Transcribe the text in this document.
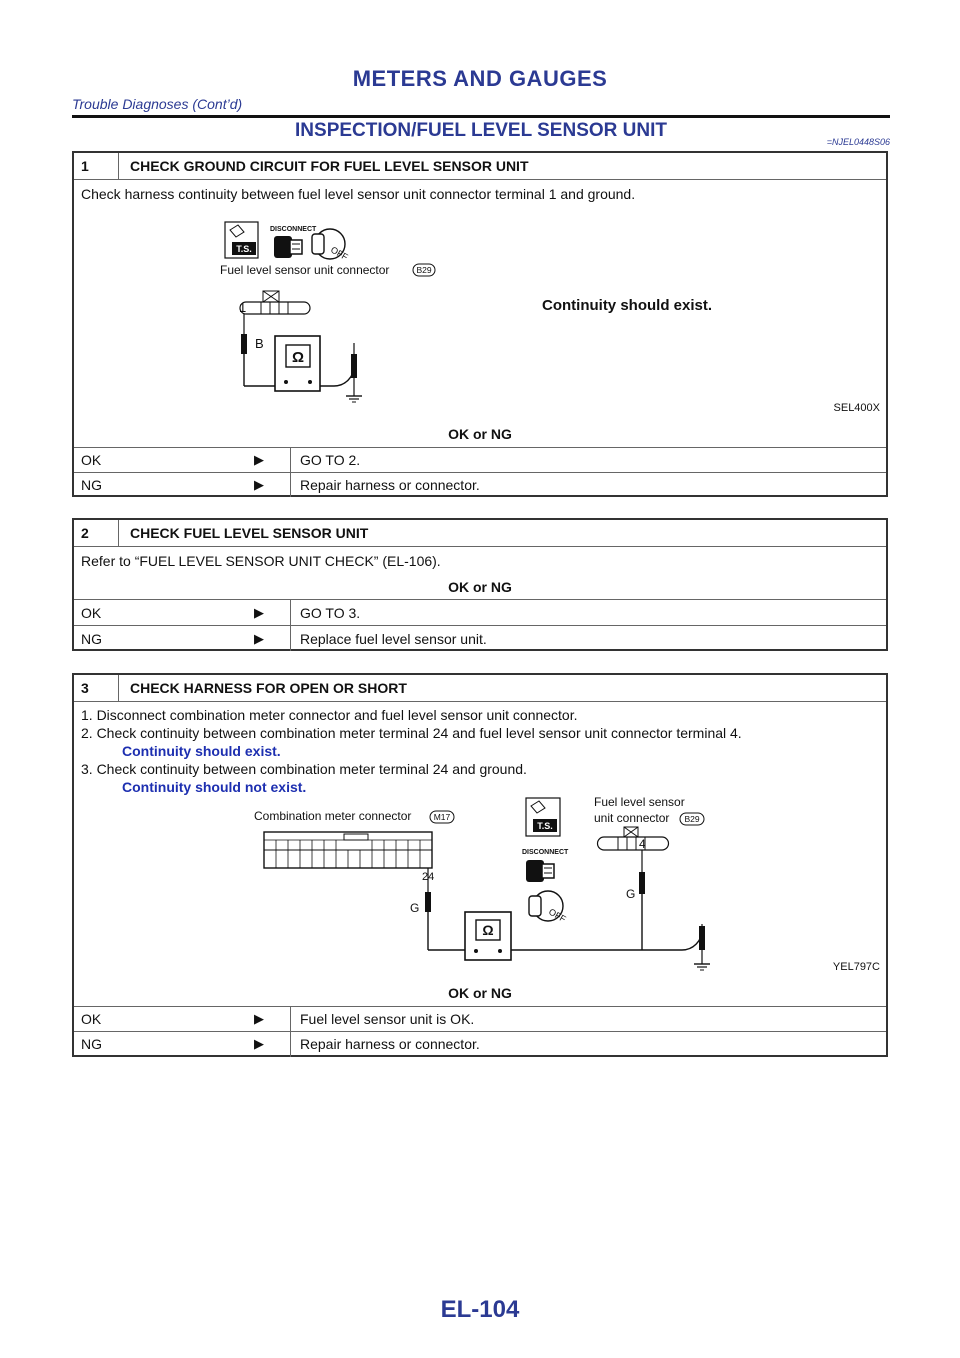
METERS AND GAUGES
Trouble Diagnoses (Cont’d)
INSPECTION/FUEL LEVEL SENSOR UNIT
=NJEL0448S06
1	CHECK GROUND CIRCUIT FOR FUEL LEVEL SENSOR UNIT
Check harness continuity between fuel level sensor unit connector terminal 1 and ground.
T.S.
DISCONNECT
OFF
Fuel level sensor unit connector	B29
1
B
Ω
Continuity should exist.
SEL400X
OK or NG
OK	▶	GO TO 2.
NG	▶	Repair harness or connector.
2	CHECK FUEL LEVEL SENSOR UNIT
Refer to “FUEL LEVEL SENSOR UNIT CHECK” (EL-106).
OK or NG
OK	▶	GO TO 3.
NG	▶	Replace fuel level sensor unit.
3	CHECK HARNESS FOR OPEN OR SHORT
1. Disconnect combination meter connector and fuel level sensor unit connector.
2. Check continuity between combination meter terminal 24 and fuel level sensor unit connector terminal 4.
Continuity should exist.
3. Check continuity between combination meter terminal 24 and ground.
Continuity should not exist.
Combination meter connector	M17
24
G
Ω
T.S.
DISCONNECT
OFF
Fuel level sensor
unit connector B29
4
G
YEL797C
OK or NG
OK	▶	Fuel level sensor unit is OK.
NG	▶	Repair harness or connector.
EL-104
